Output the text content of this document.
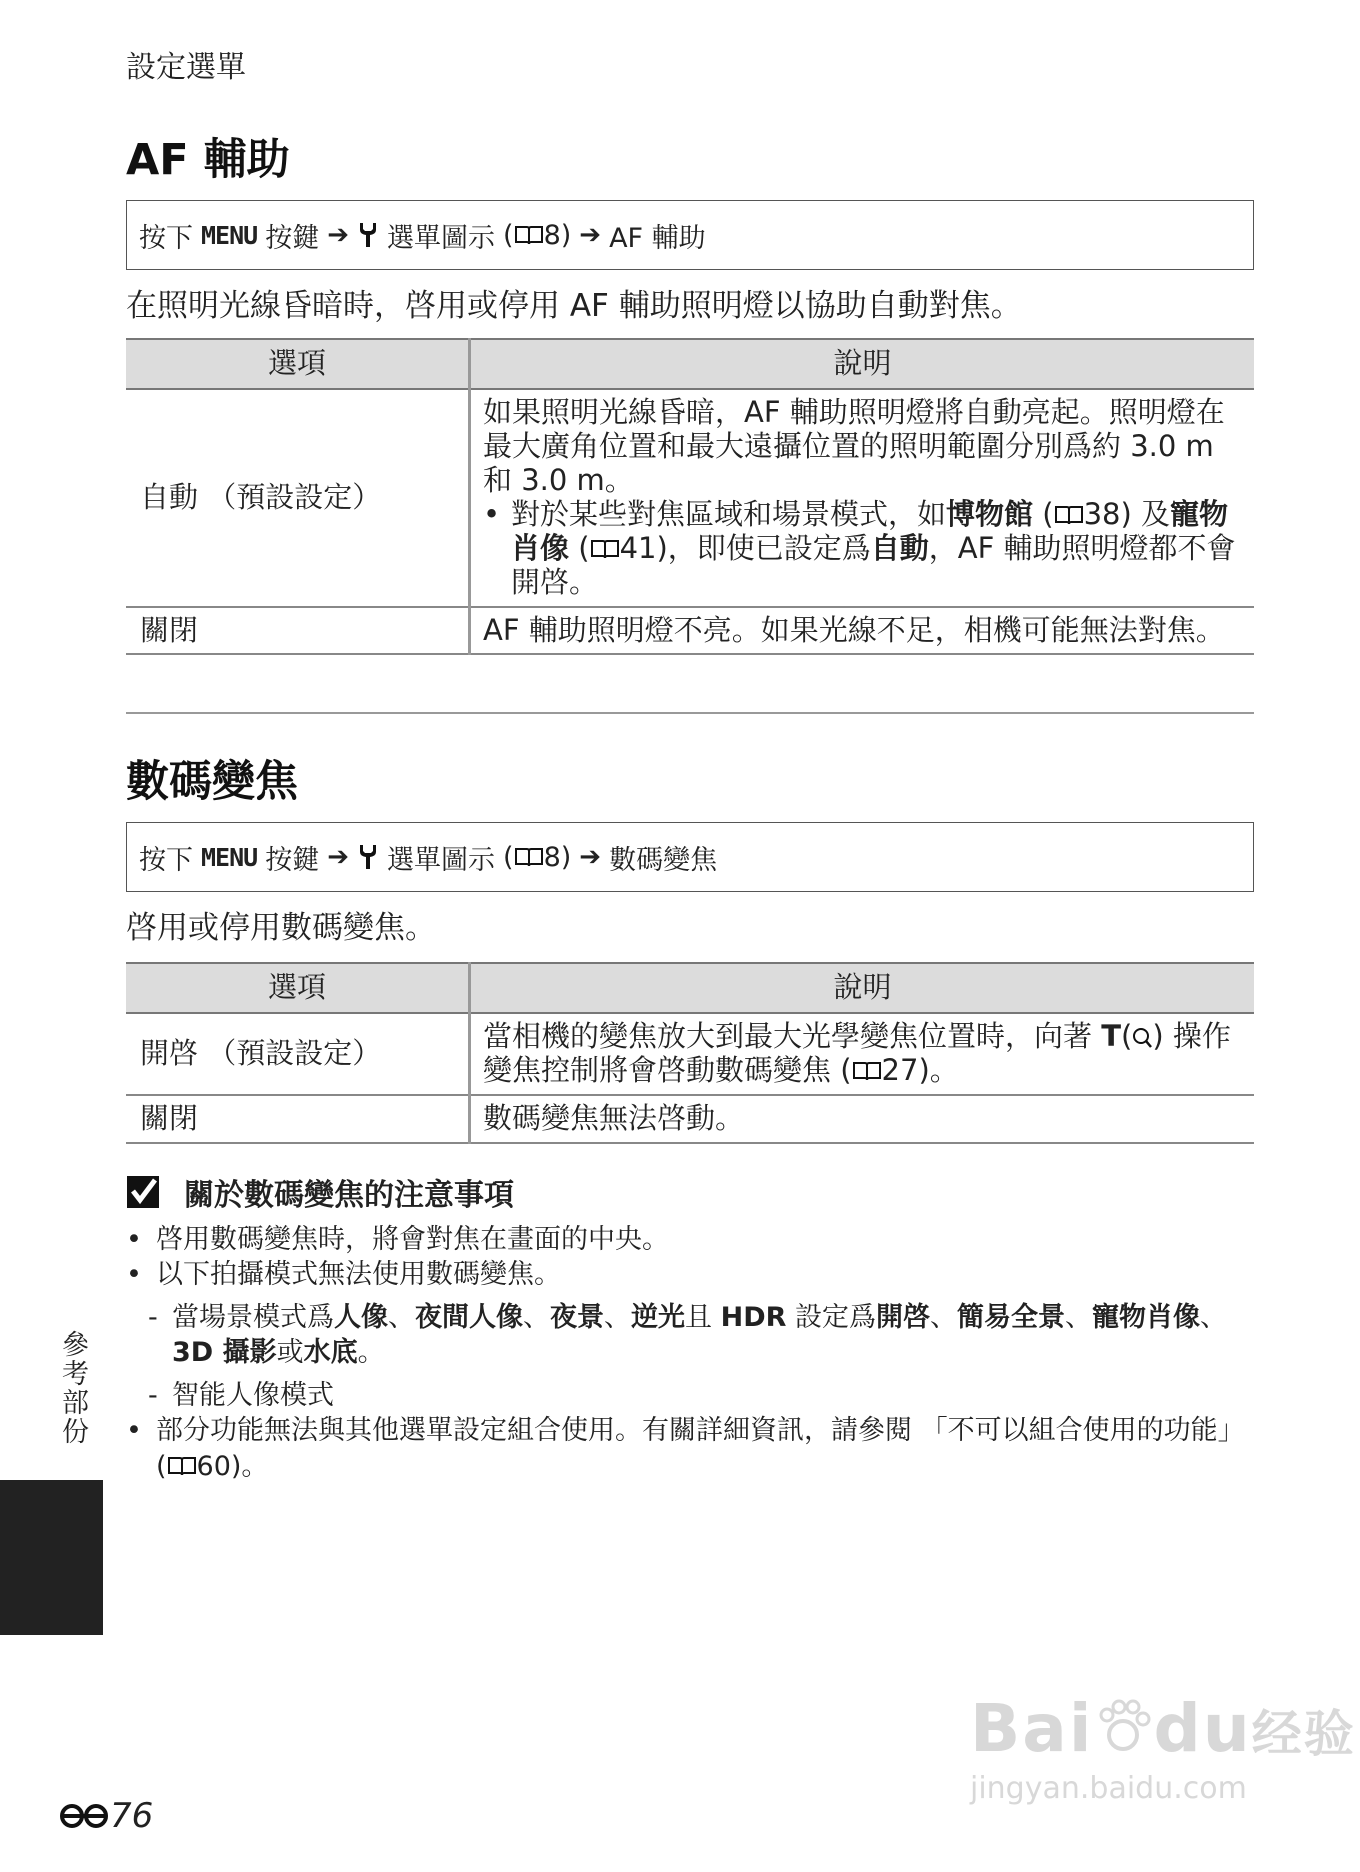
設定選單
AF 輔助
按下 MENU 按鍵 ➔ 選單圖示 ( 8) ➔ AF 輔助
在照明光線昏暗時，啓用或停用 AF 輔助照明燈以協助自動對焦。
選項	說明
自動 （預設設定）	如果照明光線昏暗，AF 輔助照明燈將自動亮起。照明燈在最大廣角位置和最大遠攝位置的照明範圍分別爲約 3.0 m 和 3.0 m。
• 對於某些對焦區域和場景模式，如博物館 ( 38) 及寵物肖像 ( 41)，即使已設定爲自動，AF 輔助照明燈都不會開啓。

關閉	AF 輔助照明燈不亮。如果光線不足，相機可能無法對焦。
數碼變焦
按下 MENU 按鍵 ➔ 選單圖示 ( 8) ➔ 數碼變焦
啓用或停用數碼變焦。
選項	說明
開啓 （預設設定）	當相機的變焦放大到最大光學變焦位置時，向著 T( ) 操作變焦控制將會啓動數碼變焦 ( 27)。
關閉	數碼變焦無法啓動。
關於數碼變焦的注意事項
• 啓用數碼變焦時，將會對焦在畫面的中央。
• 以下拍攝模式無法使用數碼變焦。
- 當場景模式爲人像、夜間人像、夜景、逆光且 HDR 設定爲開啓、簡易全景、寵物肖像、3D 攝影或水底。
- 智能人像模式
• 部分功能無法與其他選單設定組合使用。有關詳細資訊，請參閱 「不可以組合使用的功能」 ( 60)。
參考部份
76
Bai du经验
jingyan.baidu.com
